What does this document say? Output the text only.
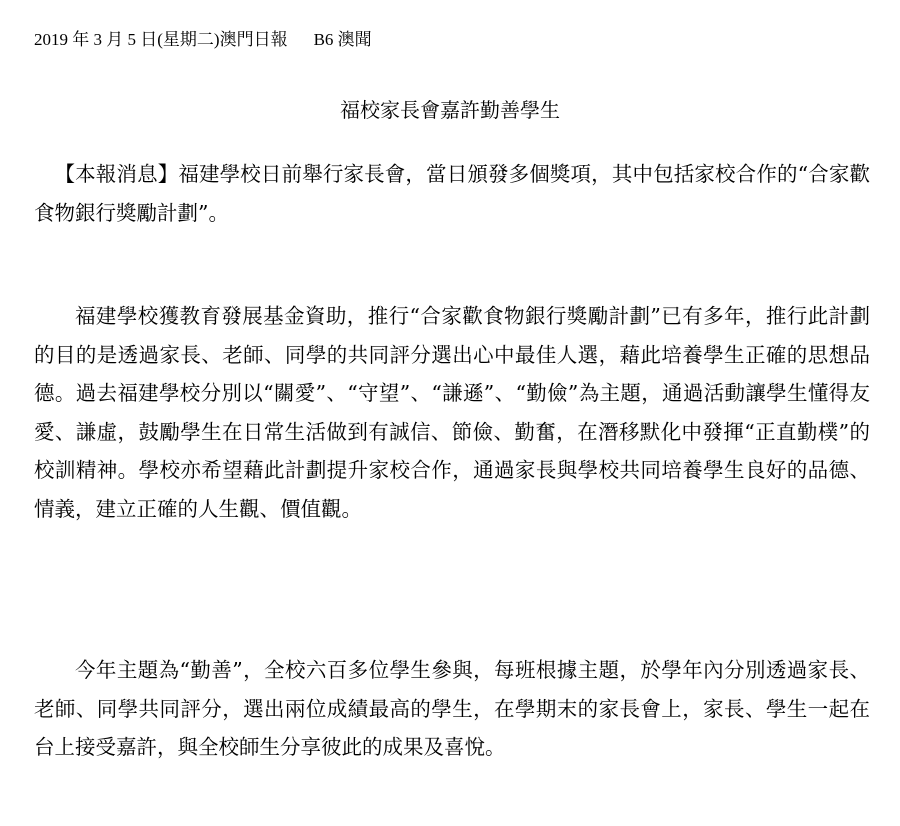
2019 年 3 月 5 日(星期二)澳門日報 B6 澳聞
福校家長會嘉許勤善學生

【本報消息】福建學校日前舉行家長會，當日頒發多個獎項，其中包括家校合作的“合家歡食物銀行獎勵計劃”。

福建學校獲教育發展基金資助，推行“合家歡食物銀行獎勵計劃”已有多年，推行此計劃的目的是透過家長、老師、同學的共同評分選出心中最佳人選，藉此培養學生正確的思想品德。過去福建學校分別以“關愛”、“守望”、“謙遜”、“勤儉”為主題，通過活動讓學生懂得友愛、謙虛，鼓勵學生在日常生活做到有誠信、節儉、勤奮，在潛移默化中發揮“正直勤樸”的校訓精神。學校亦希望藉此計劃提升家校合作，通過家長與學校共同培養學生良好的品德、情義，建立正確的人生觀、價值觀。

今年主題為“勤善”，全校六百多位學生參與，每班根據主題，於學年內分別透過家長、老師、同學共同評分，選出兩位成績最高的學生，在學期末的家長會上，家長、學生一起在台上接受嘉許，與全校師生分享彼此的成果及喜悅。
